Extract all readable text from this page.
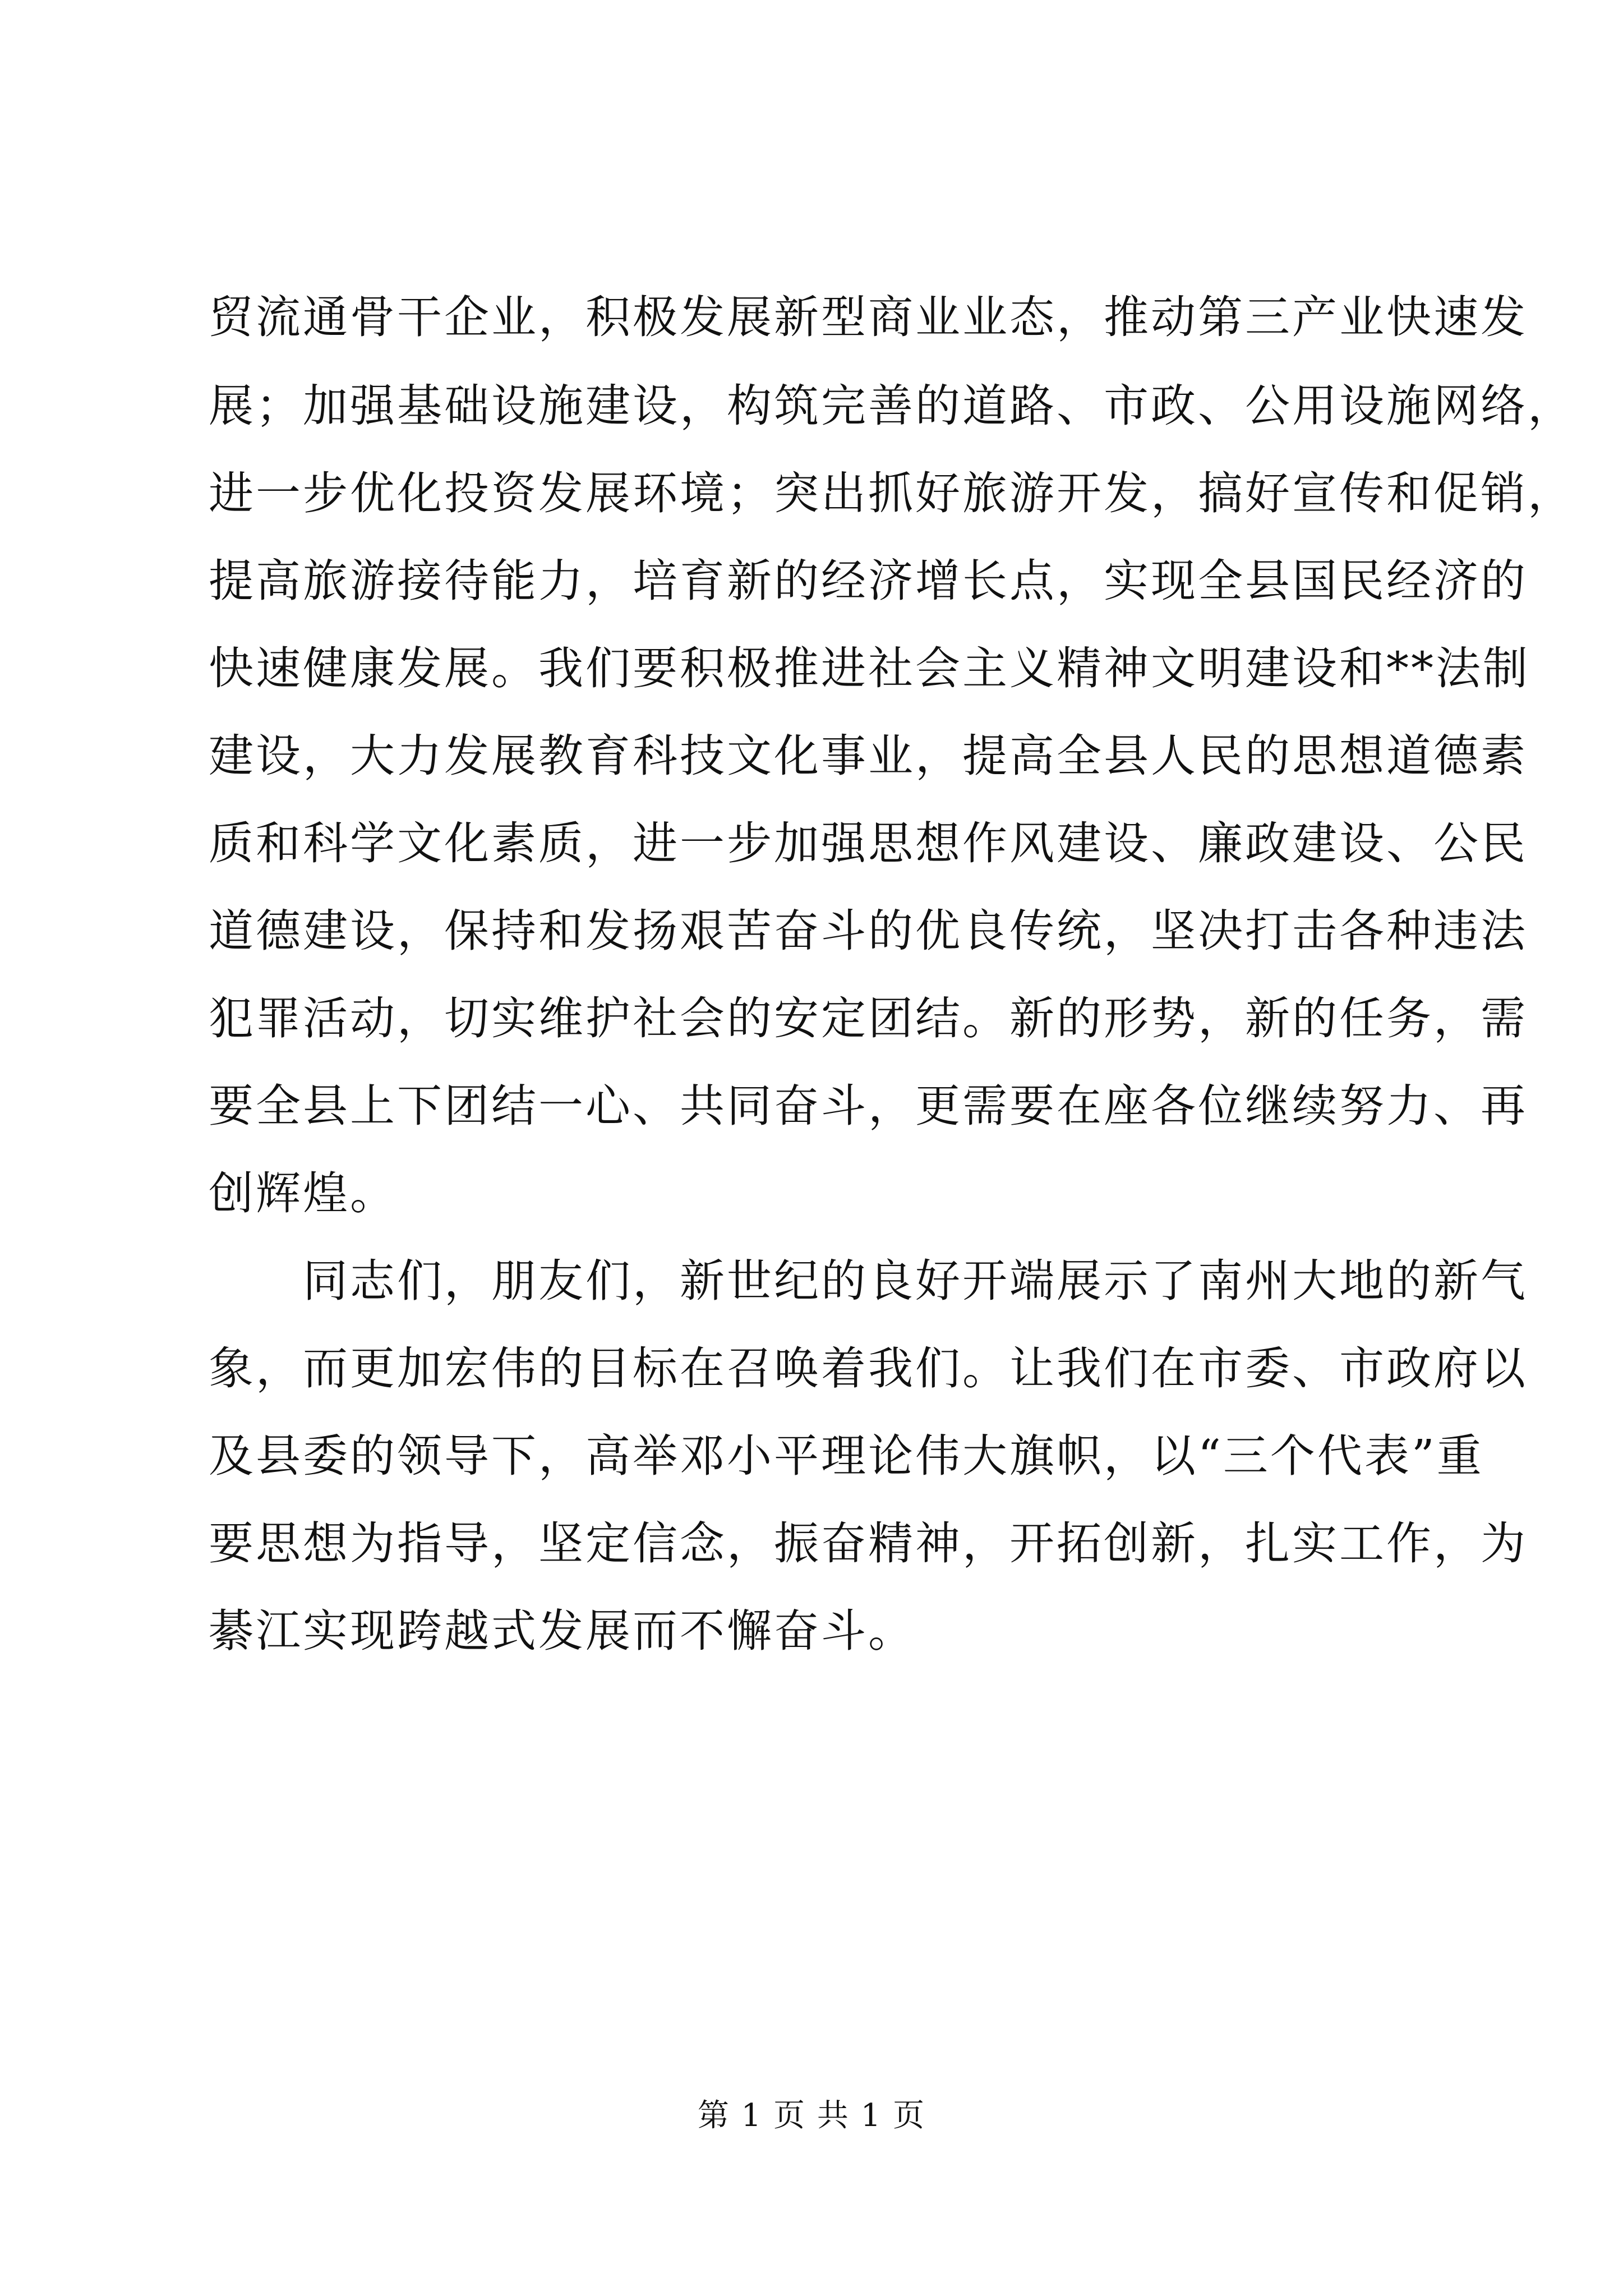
贸流通骨干企业，积极发展新型商业业态，推动第三产业快速发
展；加强基础设施建设，构筑完善的道路、市政、公用设施网络，
进一步优化投资发展环境；突出抓好旅游开发，搞好宣传和促销，
提高旅游接待能力，培育新的经济增长点，实现全县国民经济的
快速健康发展。我们要积极推进社会主义精神文明建设和**法制
建设，大力发展教育科技文化事业，提高全县人民的思想道德素
质和科学文化素质，进一步加强思想作风建设、廉政建设、公民
道德建设，保持和发扬艰苦奋斗的优良传统，坚决打击各种违法
犯罪活动，切实维护社会的安定团结。新的形势，新的任务，需
要全县上下团结一心、共同奋斗，更需要在座各位继续努力、再
创辉煌。
同志们，朋友们，新世纪的良好开端展示了南州大地的新气
象，而更加宏伟的目标在召唤着我们。让我们在市委、市政府以
及县委的领导下，高举邓小平理论伟大旗帜，以“三个代表”重
要思想为指导，坚定信念，振奋精神，开拓创新，扎实工作，为
綦江实现跨越式发展而不懈奋斗。
第 1 页 共 1 页
